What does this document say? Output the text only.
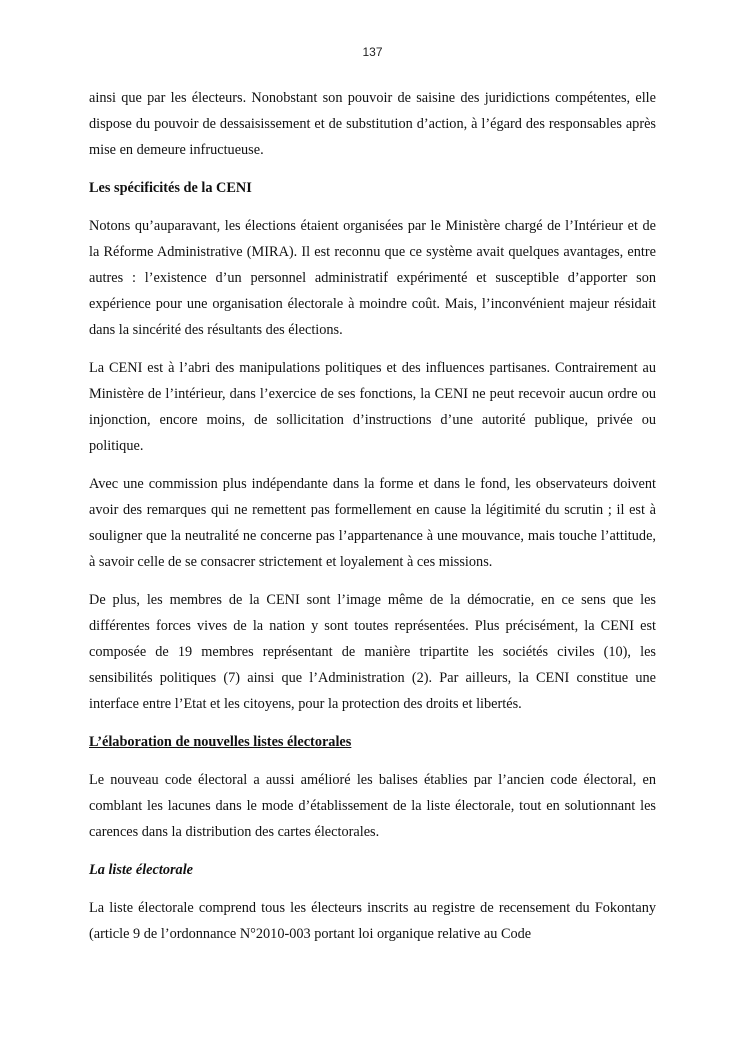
137

ainsi que par les électeurs. Nonobstant son pouvoir de saisine des juridictions compétentes, elle dispose du pouvoir de dessaisissement et de substitution d’action, à l’égard des responsables après mise en demeure infructueuse.

Les spécificités de la CENI

Notons qu’auparavant, les élections étaient organisées par le Ministère chargé de l’Intérieur et de la Réforme Administrative (MIRA). Il est reconnu que ce système avait quelques avantages, entre autres : l’existence d’un personnel administratif expérimenté et susceptible d’apporter son expérience pour une organisation électorale à moindre coût. Mais, l’inconvénient majeur résidait dans la sincérité des résultants des élections.

La CENI est à l’abri des manipulations politiques et des influences partisanes. Contrairement au Ministère de l’intérieur, dans l’exercice de ses fonctions, la CENI ne peut recevoir aucun ordre ou injonction, encore moins, de sollicitation d’instructions d’une autorité publique, privée ou politique.

Avec une commission plus indépendante dans la forme et dans le fond, les observateurs doivent avoir des remarques qui ne remettent pas formellement en cause la légitimité du scrutin ; il est à souligner que la neutralité ne concerne pas l’appartenance à une mouvance, mais touche l’attitude, à savoir celle de se consacrer strictement et loyalement à ces missions.

De plus, les membres de la CENI sont l’image même de la démocratie, en ce sens que les différentes forces vives de la nation y sont toutes représentées. Plus précisément, la CENI est composée de 19 membres représentant de manière tripartite les sociétés civiles (10), les sensibilités politiques (7) ainsi que l’Administration (2). Par ailleurs, la CENI constitue une interface entre l’Etat et les citoyens, pour la protection des droits et libertés.

L’élaboration de nouvelles listes électorales

Le nouveau code électoral a aussi amélioré les balises établies par l’ancien code électoral, en comblant les lacunes dans le mode d’établissement de la liste électorale, tout en solutionnant les carences dans la distribution des cartes électorales.

La liste électorale

La liste électorale comprend tous les électeurs inscrits au registre de recensement du Fokontany (article 9 de l’ordonnance N°2010-003 portant loi organique relative au Code
